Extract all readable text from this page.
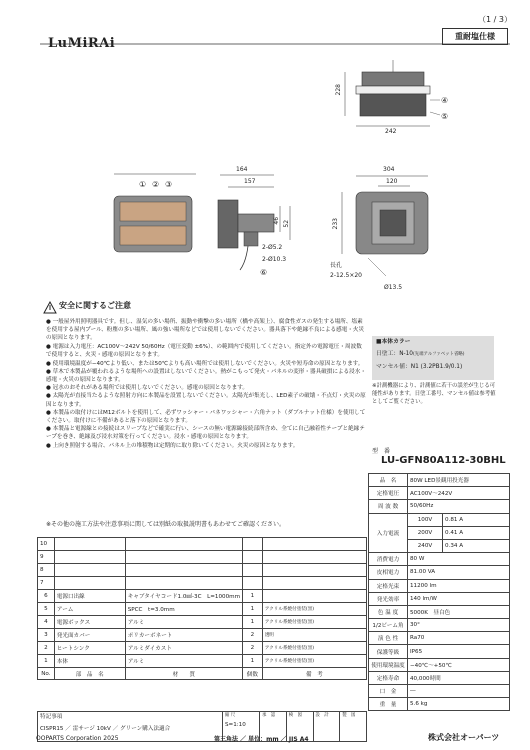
（1 / 3）
LuMiRAi	重耐塩仕様
304
120
242
164
157
228
233
46 52
① ② ③
④
⑤
⑥
2-Ø5.2
2-Ø10.3
長孔
2-12.5×20
Ø13.5
安全に関するご注意
● 一般屋外用照明器具です。但し、湿気の多い場所、振動や衝撃の多い場所（橋や高架上）、腐食性ガスの発生する場所、塩素を使用する屋内プール、粉塵の多い場所、風の強い場所などでは使用しないでください。器具落下や絶縁不良による感電・火災の原因となります。
● 電源は入力電圧：AC100V〜242V 50/60Hz（電圧変動 ±6%）、の範囲内で使用してください。指定外の電源電圧・周波数で使用すると、火災・感電の原因となります。
● 使用環境温度が−40℃より低い、または50℃よりも高い場所では使用しないでください。火災や短寿命の原因となります。
● 草木で本製品が覆われるような場所への設置はしないでください。熱がこもって発火・パネルの変形・器具破損による浸水・感電・火災の原因となります。
● 冠水のおそれがある場所では使用しないでください。感電の原因となります。
● 太陽光が直接当たるような照射方向に本製品を設置しないでください。太陽光が集光し、LED素子の破壊・不点灯・火災の原因となります。
● 本製品の取付けにはM12ボルトを使用して、必ずワッシャー・バネワッシャー・六角ナット（ダブルナット仕様）を使用してください。取付けに不備があると落下の原因となります。
● 本製品と電源線との接続はスリーブなどで確実に行い、シースの無い電源線接続部所含め、全てに自己融着性テープと絶縁テープを巻き、絶縁及び浸水対策を行ってください。浸水・感電の原因となります。
● 上向き照射する場合、パネル上の堆積物は定期的に取り除いてください。火災の原因となります。
※その他の施工方法や注意事項に関しては別紙の取扱説明書もあわせてご確認ください。
■本体カラー
日塗工：N-10(先端アルファベット省略)
マンセル値：N1 (3.2PB1.9/0.1)
※計測機器により、計測値に若干の誤差が生じる可能性があります。日塗工番号、マンセル値は参考値としてご覧ください。
型　番
LU-GFN80A112-30BHL
品　名	80W LED景観用投光器	
定格電圧	AC100V〜242V	
周 波 数	50/60Hz	
入力電流	100V	0.81 A
	200V	0.41 A
	240V	0.34 A
消費電力	80 W	
皮相電力	81.00 VA	
定格光束	11200 lm	
発光効率	140 lm/W	
色 温 度	5000K　昼白色	
1/2ビーム角	30°	
演 色 性	Ra70	
保護等級	IP65	
使用環境温度	−40℃〜+50℃	
定格寿命	40,000時間	
口　金	―	
重　量	5.6 kg	
10				
9				
8				
7				
6	電源口出線	キャブタイヤコード1.0㎟-3C　L=1000mm	1	
5	アーム	SPCC　t=3.0mm	1	アクリル系焼付塗装(黒)
4	電源ボックス	アルミ	1	アクリル系焼付塗装(黒)
3	発光面カバー	ポリカーボネート	2	透明
2	ヒートシンク	アルミダイカスト	2	アクリル系焼付塗装(黒)
1	本体	アルミ	1	アクリル系焼付塗装(黒)
No.	部　品　名	材　　質	個数	備　考
特記事項
CISPR15 ／ 雷サージ 10kV ／ グリーン購入法適合

縮 尺
S=1:10
	承　認	検　図	設　計	製　図
OOPARTS Corporation 2025	第三角法 ／ 単位：mm ／ JIS A4	株式会社オーパーツ
